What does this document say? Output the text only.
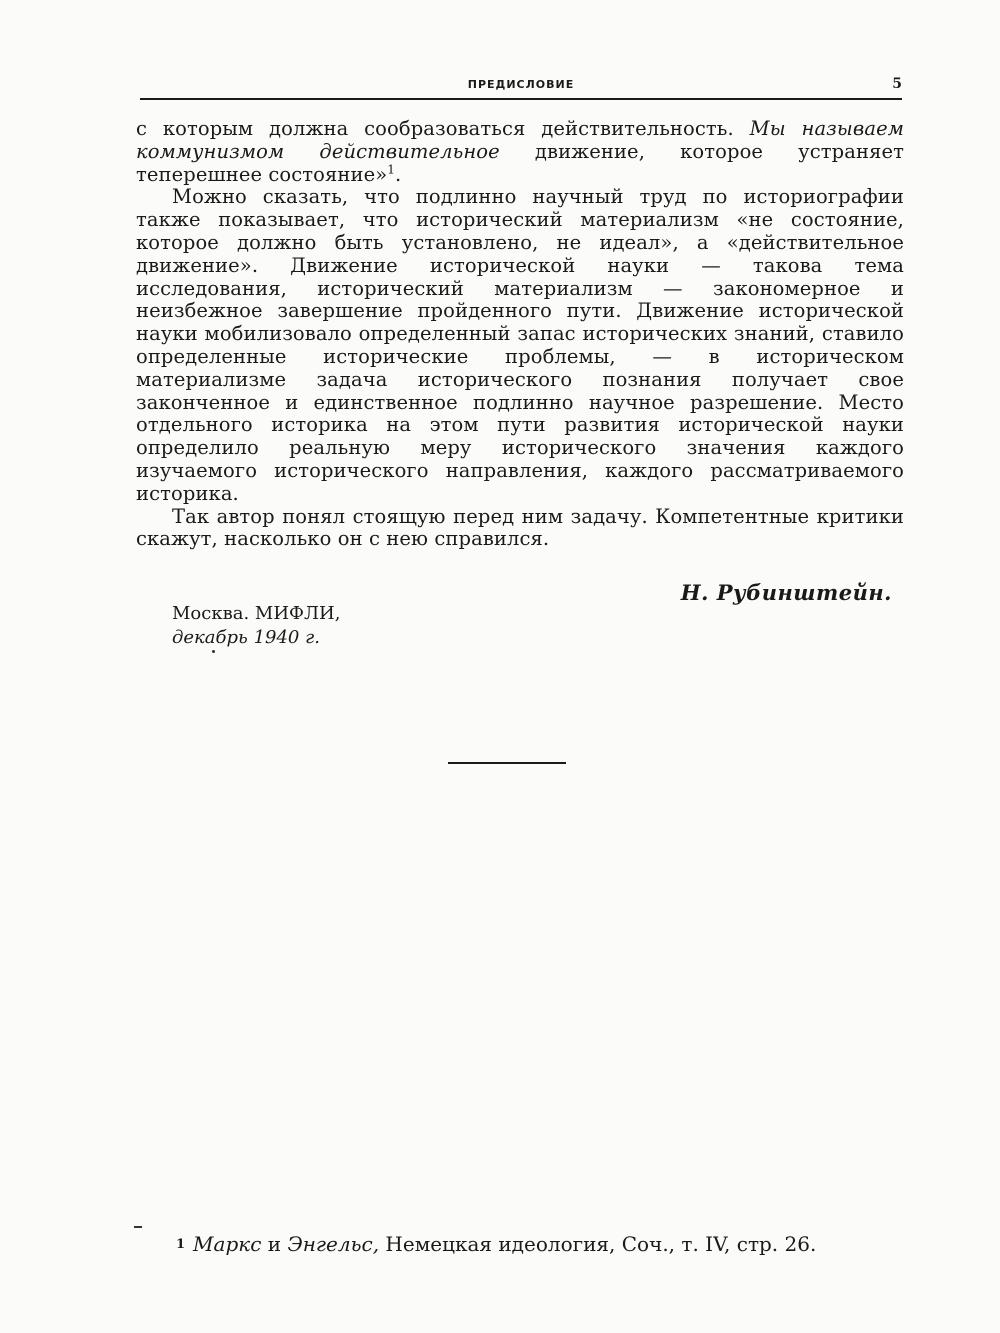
ПРЕДИСЛОВИЕ	5

с которым должна сообразоваться действительность. Мы называем коммунизмом действительное движение, которое устраняет теперешнее состояние»$^1$.

Можно сказать, что подлинно научный труд по историографии также показывает, что исторический материализм «не состояние, которое должно быть установлено, не идеал», а «действительное движение». Движение исторической науки — такова тема исследования, исторический материализм — закономерное и неизбежное завершение пройденного пути. Движение исторической науки мобилизовало определенный запас исторических знаний, ставило определенные исторические проблемы, — в историческом материализме задача исторического познания получает свое законченное и единственное подлинно научное разрешение. Место отдельного историка на этом пути развития исторической науки определило реальную меру исторического значения каждого изучаемого исторического направления, каждого рассматриваемого историка.

Так автор понял стоящую перед ним задачу. Компетентные критики скажут, насколько он с нею справился.

Н. Рубинштейн.
Москва. МИФЛИ,
декабрь 1940 г.
1 Маркс и Энгельс, Немецкая идеология, Соч., т. IV, стр. 26.
